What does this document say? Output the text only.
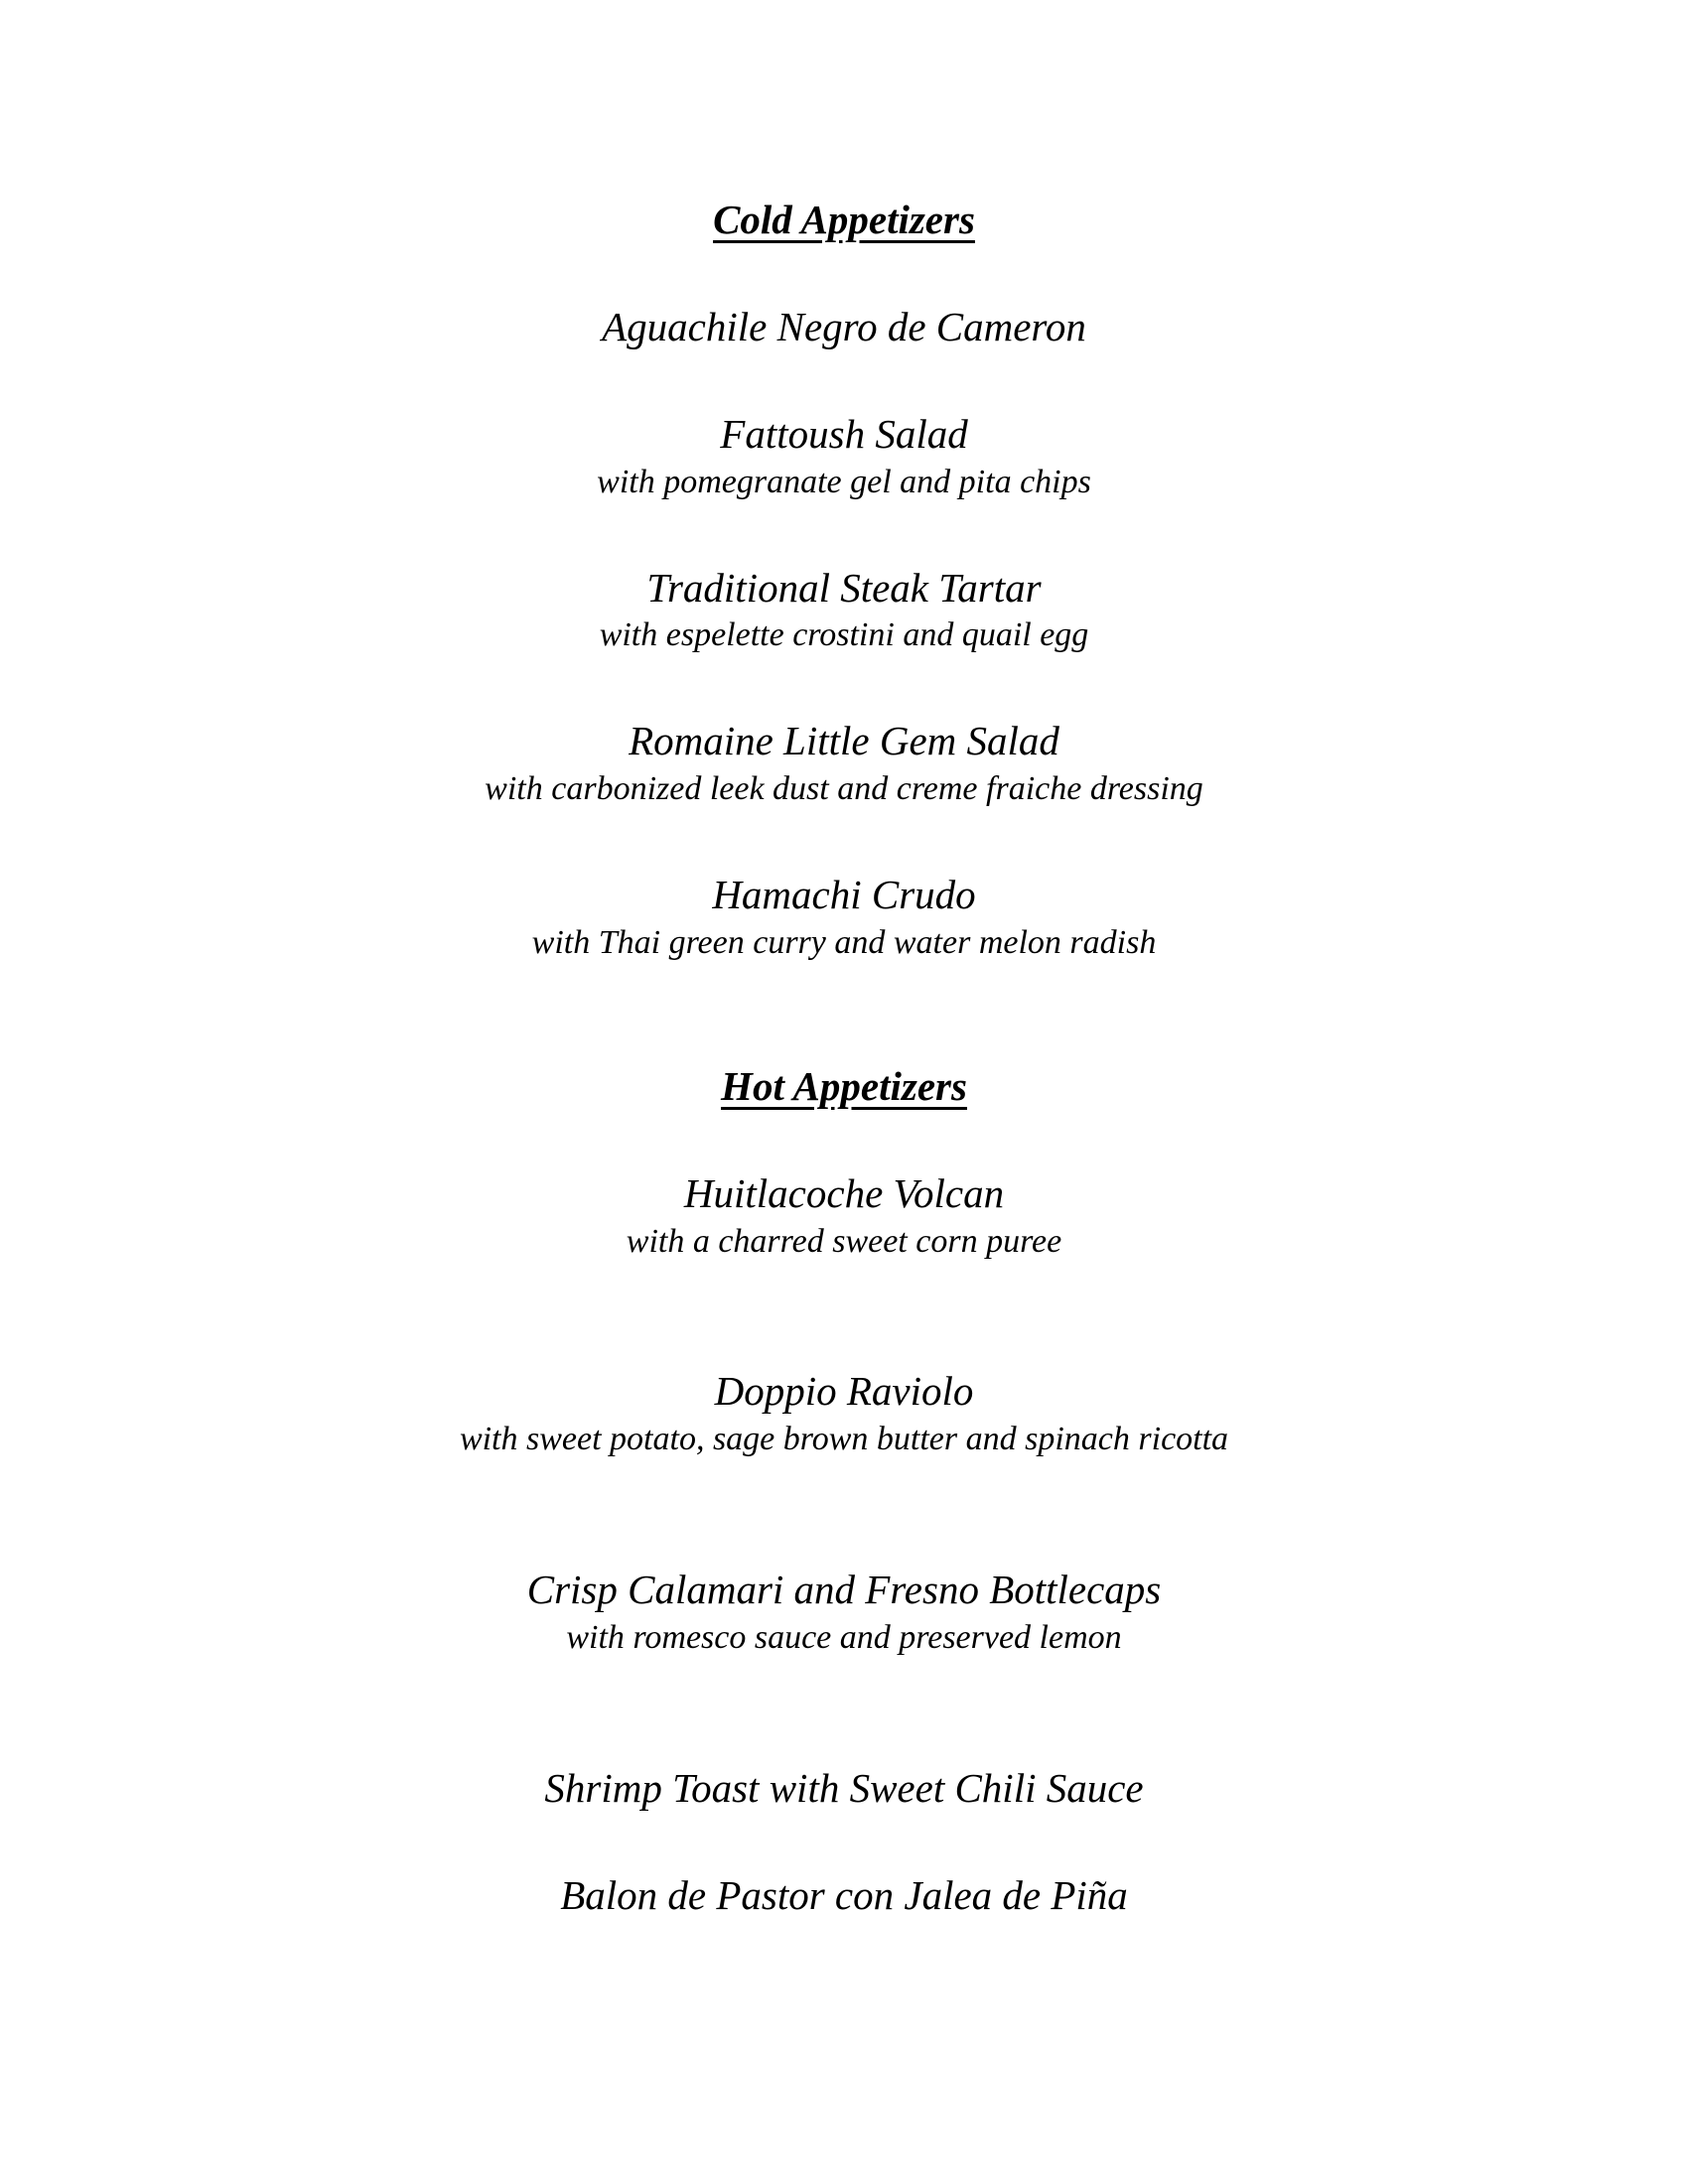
Cold Appetizers

Aguachile Negro de Cameron

Fattoush Salad

with pomegranate gel and pita chips

Traditional Steak Tartar

with espelette crostini and quail egg

Romaine Little Gem Salad

with carbonized leek dust and creme fraiche dressing

Hamachi Crudo

with Thai green curry and water melon radish

Hot Appetizers

Huitlacoche Volcan

with a charred sweet corn puree

Doppio Raviolo

with sweet potato, sage brown butter and spinach ricotta

Crisp Calamari and Fresno Bottlecaps

with romesco sauce and preserved lemon

Shrimp Toast with Sweet Chili Sauce

Balon de Pastor con Jalea de Piña
